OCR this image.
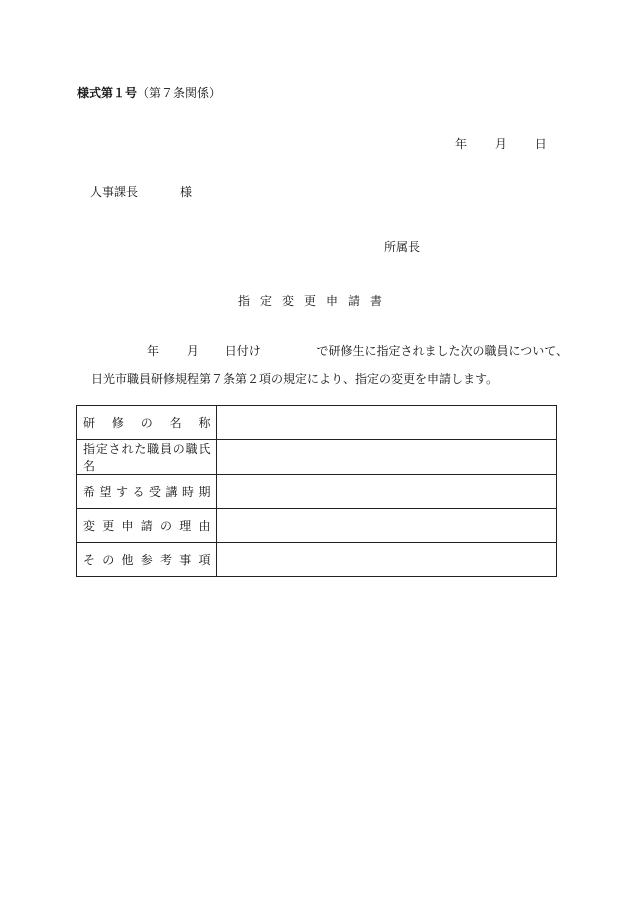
様式第１号（第７条関係）
年 月 日
人事課長	様
所属長
指定変更申請書
年 月 日付け	で研修生に指定されました次の職員について、
日光市職員研修規程第７条第２項の規定により、指定の変更を申請します。
研修の名称	

指定された職員の職氏名	

希望する受講時期	

変更申請の理由	

その他参考事項	
